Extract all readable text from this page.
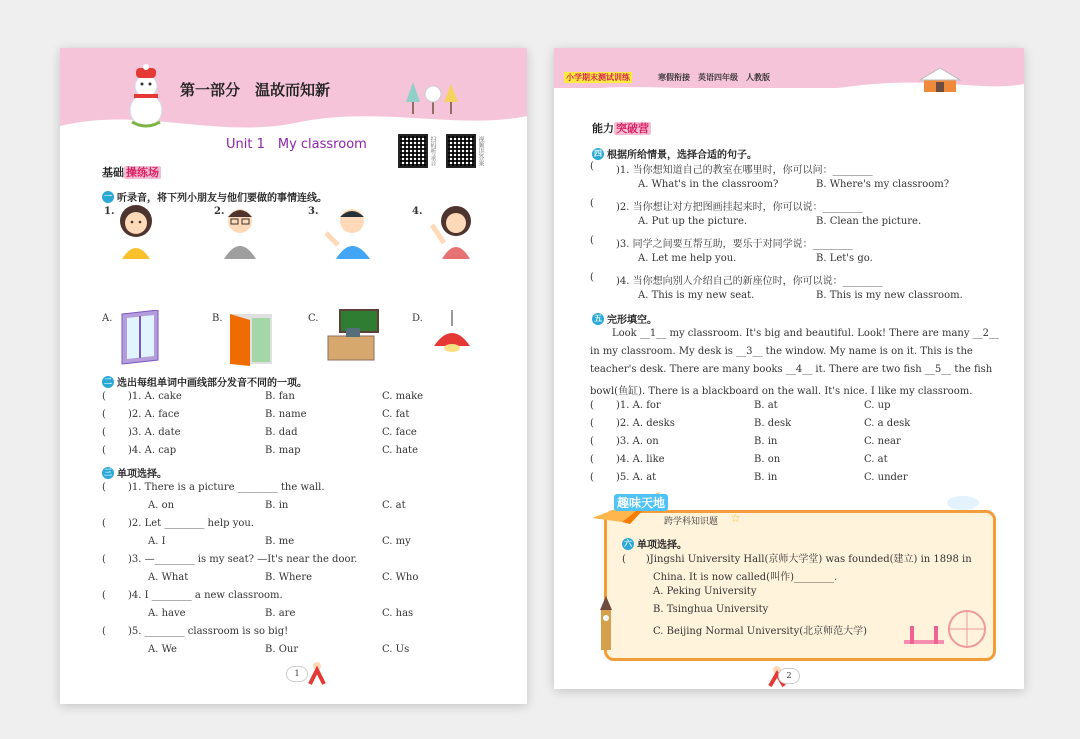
第一部分　温故而知新
Unit 1　My classroom	扫码听录音	视频讲答案
基础 操练场
一 听录音，将下列小朋友与他们要做的事情连线。
1.	2.	3.	4.
A.	B.	C.	D.
二 选出每组单词中画线部分发音不同的一项。
三 单项选择。
1
( )1. A. cake	B. fan	C. make
( )2. A. face	B. name	C. fat
( )3. A. date	B. dad	C. face
( )4. A. cap	B. map	C. hate
( )1. There is a picture ________ the wall.
A. on	B. in	C. at
( )2. Let ________ help you.
A. I	B. me	C. my
( )3. —________ is my seat? —It's near the door.
A. What	B. Where	C. Who
( )4. I ________ a new classroom.
A. have	B. are	C. has
( )5. ________ classroom is so big!
A. We	B. Our	C. Us
小学期末测试训练	寒假衔接　英语四年级　人教版
能力 突破营
四 根据所给情景，选择合适的句子。
五 完形填空。
Look __1__ my classroom. It's big and beautiful. Look! There are many __2__
in my classroom. My desk is __3__ the window. My name is on it. This is the
teacher's desk. There are many books __4__ it. There are two fish __5__ the fish
bowl(鱼缸). There is a blackboard on the wall. It's nice. I like my classroom.
趣味天地
跨学科知识题 ☆
六 单项选择。
(　　)Jingshi University Hall(京师大学堂) was founded(建立) in 1898 in
China. It is now called(叫作)________.
A. Peking University
B. Tsinghua University
C. Beijing Normal University(北京师范大学)
2
( )1. 当你想知道自己的教室在哪里时，你可以问：________
A. What's in the classroom?	B. Where's my classroom?
( )2. 当你想让对方把图画挂起来时，你可以说：________
A. Put up the picture.	B. Clean the picture.
( )3. 同学之间要互帮互助，要乐于对同学说：________
A. Let me help you.	B. Let's go.
( )4. 当你想向别人介绍自己的新座位时，你可以说：________
A. This is my new seat.	B. This is my new classroom.
( )1. A. for	B. at	C. up
( )2. A. desks	B. desk	C. a desk
( )3. A. on	B. in	C. near
( )4. A. like	B. on	C. at
( )5. A. at	B. in	C. under
